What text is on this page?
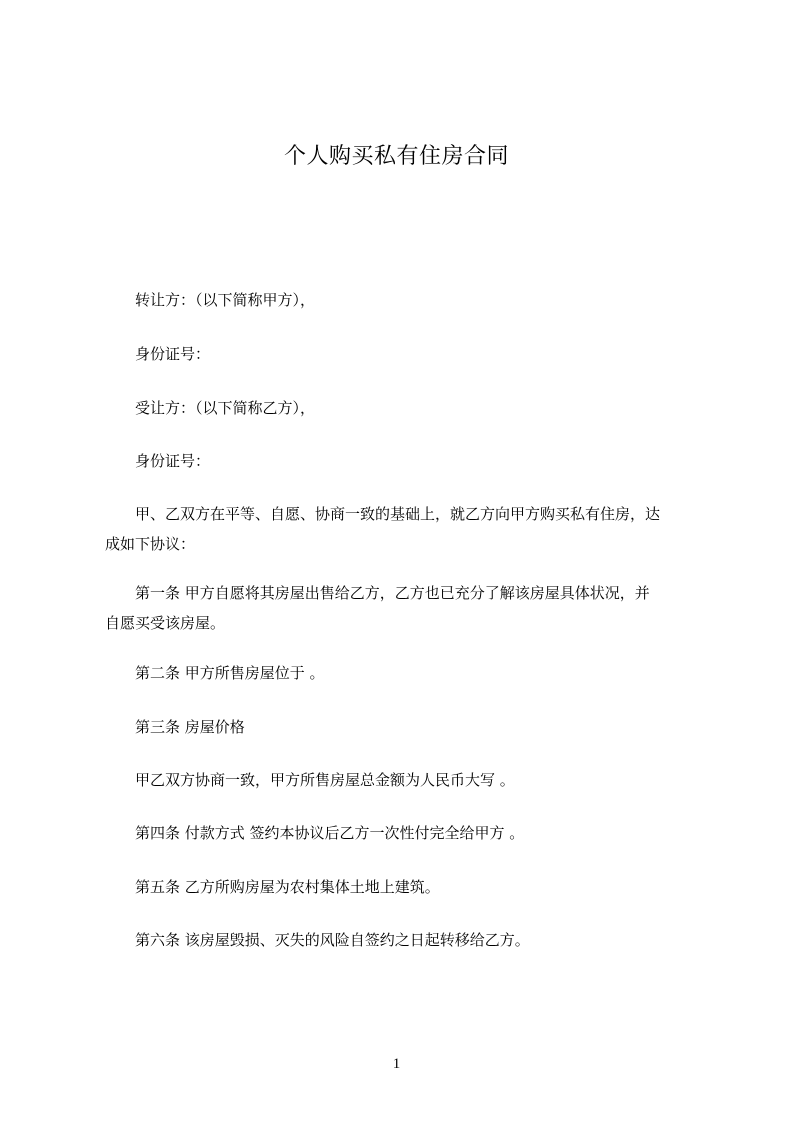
个人购买私有住房合同

转让方：（以下简称甲方），

身份证号：

受让方：（以下简称乙方），

身份证号：

甲、乙双方在平等、自愿、协商一致的基础上，就乙方向甲方购买私有住房，达
成如下协议：

第一条 甲方自愿将其房屋出售给乙方，乙方也已充分了解该房屋具体状况，并
自愿买受该房屋。

第二条 甲方所售房屋位于 。

第三条 房屋价格

甲乙双方协商一致，甲方所售房屋总金额为人民币大写 。

第四条 付款方式 签约本协议后乙方一次性付完全给甲方 。

第五条 乙方所购房屋为农村集体土地上建筑。

第六条 该房屋毁损、灭失的风险自签约之日起转移给乙方。

1
